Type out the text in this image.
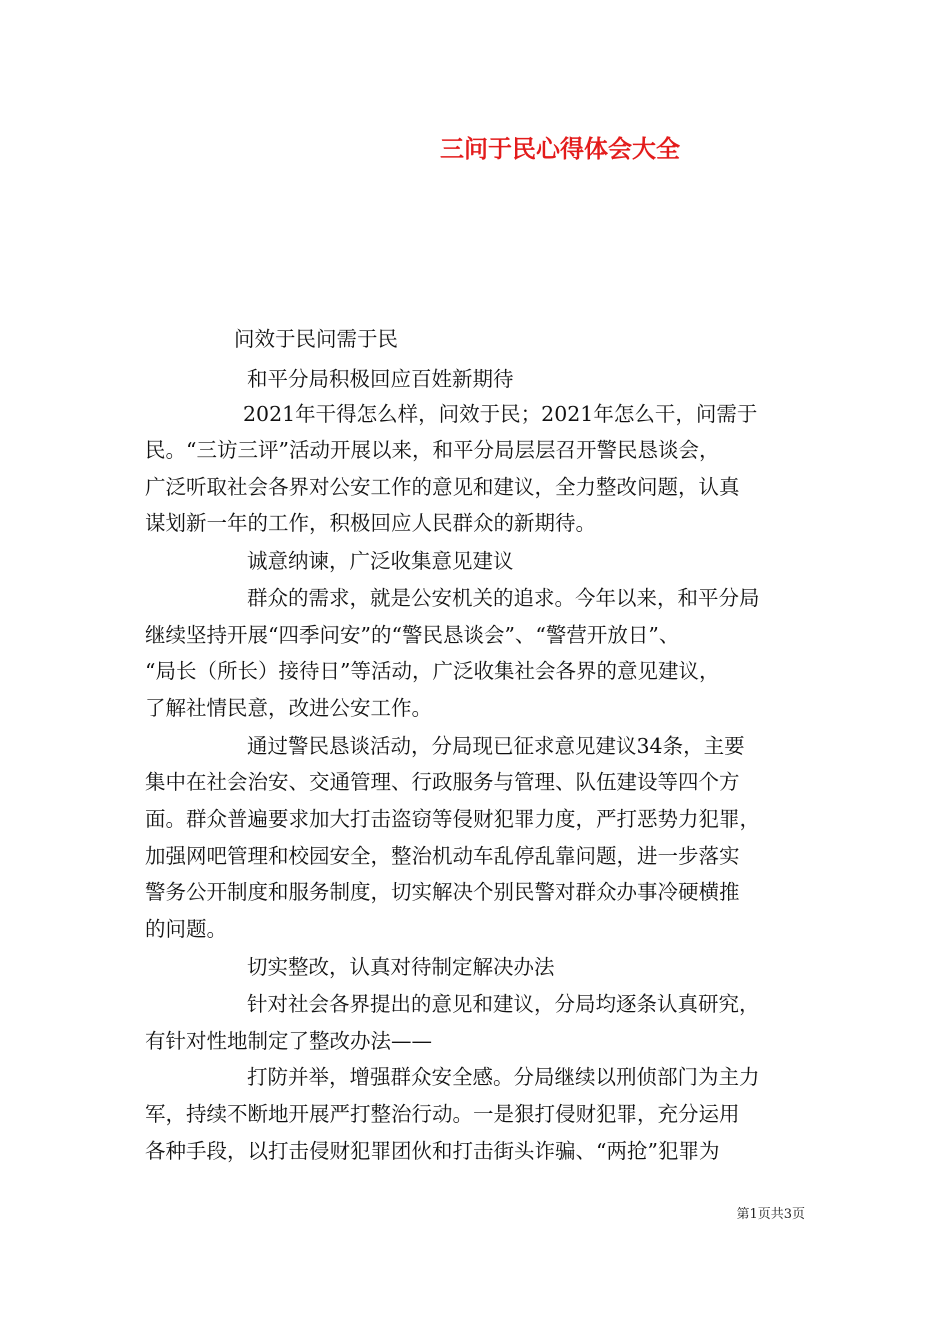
三问于民心得体会大全
问效于民问需于民
和平分局积极回应百姓新期待
2021年干得怎么样，问效于民；2021年怎么干，问需于
民。“三访三评”活动开展以来，和平分局层层召开警民恳谈会，
广泛听取社会各界对公安工作的意见和建议，全力整改问题，认真
谋划新一年的工作，积极回应人民群众的新期待。
诚意纳谏，广泛收集意见建议
群众的需求，就是公安机关的追求。今年以来，和平分局
继续坚持开展“四季问安”的“警民恳谈会”、“警营开放日”、
“局长（所长）接待日”等活动，广泛收集社会各界的意见建议，
了解社情民意，改进公安工作。
通过警民恳谈活动，分局现已征求意见建议34条，主要
集中在社会治安、交通管理、行政服务与管理、队伍建设等四个方
面。群众普遍要求加大打击盗窃等侵财犯罪力度，严打恶势力犯罪，
加强网吧管理和校园安全，整治机动车乱停乱靠问题，进一步落实
警务公开制度和服务制度，切实解决个别民警对群众办事冷硬横推
的问题。
切实整改，认真对待制定解决办法
针对社会各界提出的意见和建议，分局均逐条认真研究，
有针对性地制定了整改办法——
打防并举，增强群众安全感。分局继续以刑侦部门为主力
军，持续不断地开展严打整治行动。一是狠打侵财犯罪，充分运用
各种手段，以打击侵财犯罪团伙和打击街头诈骗、“两抢”犯罪为
第1页共3页
